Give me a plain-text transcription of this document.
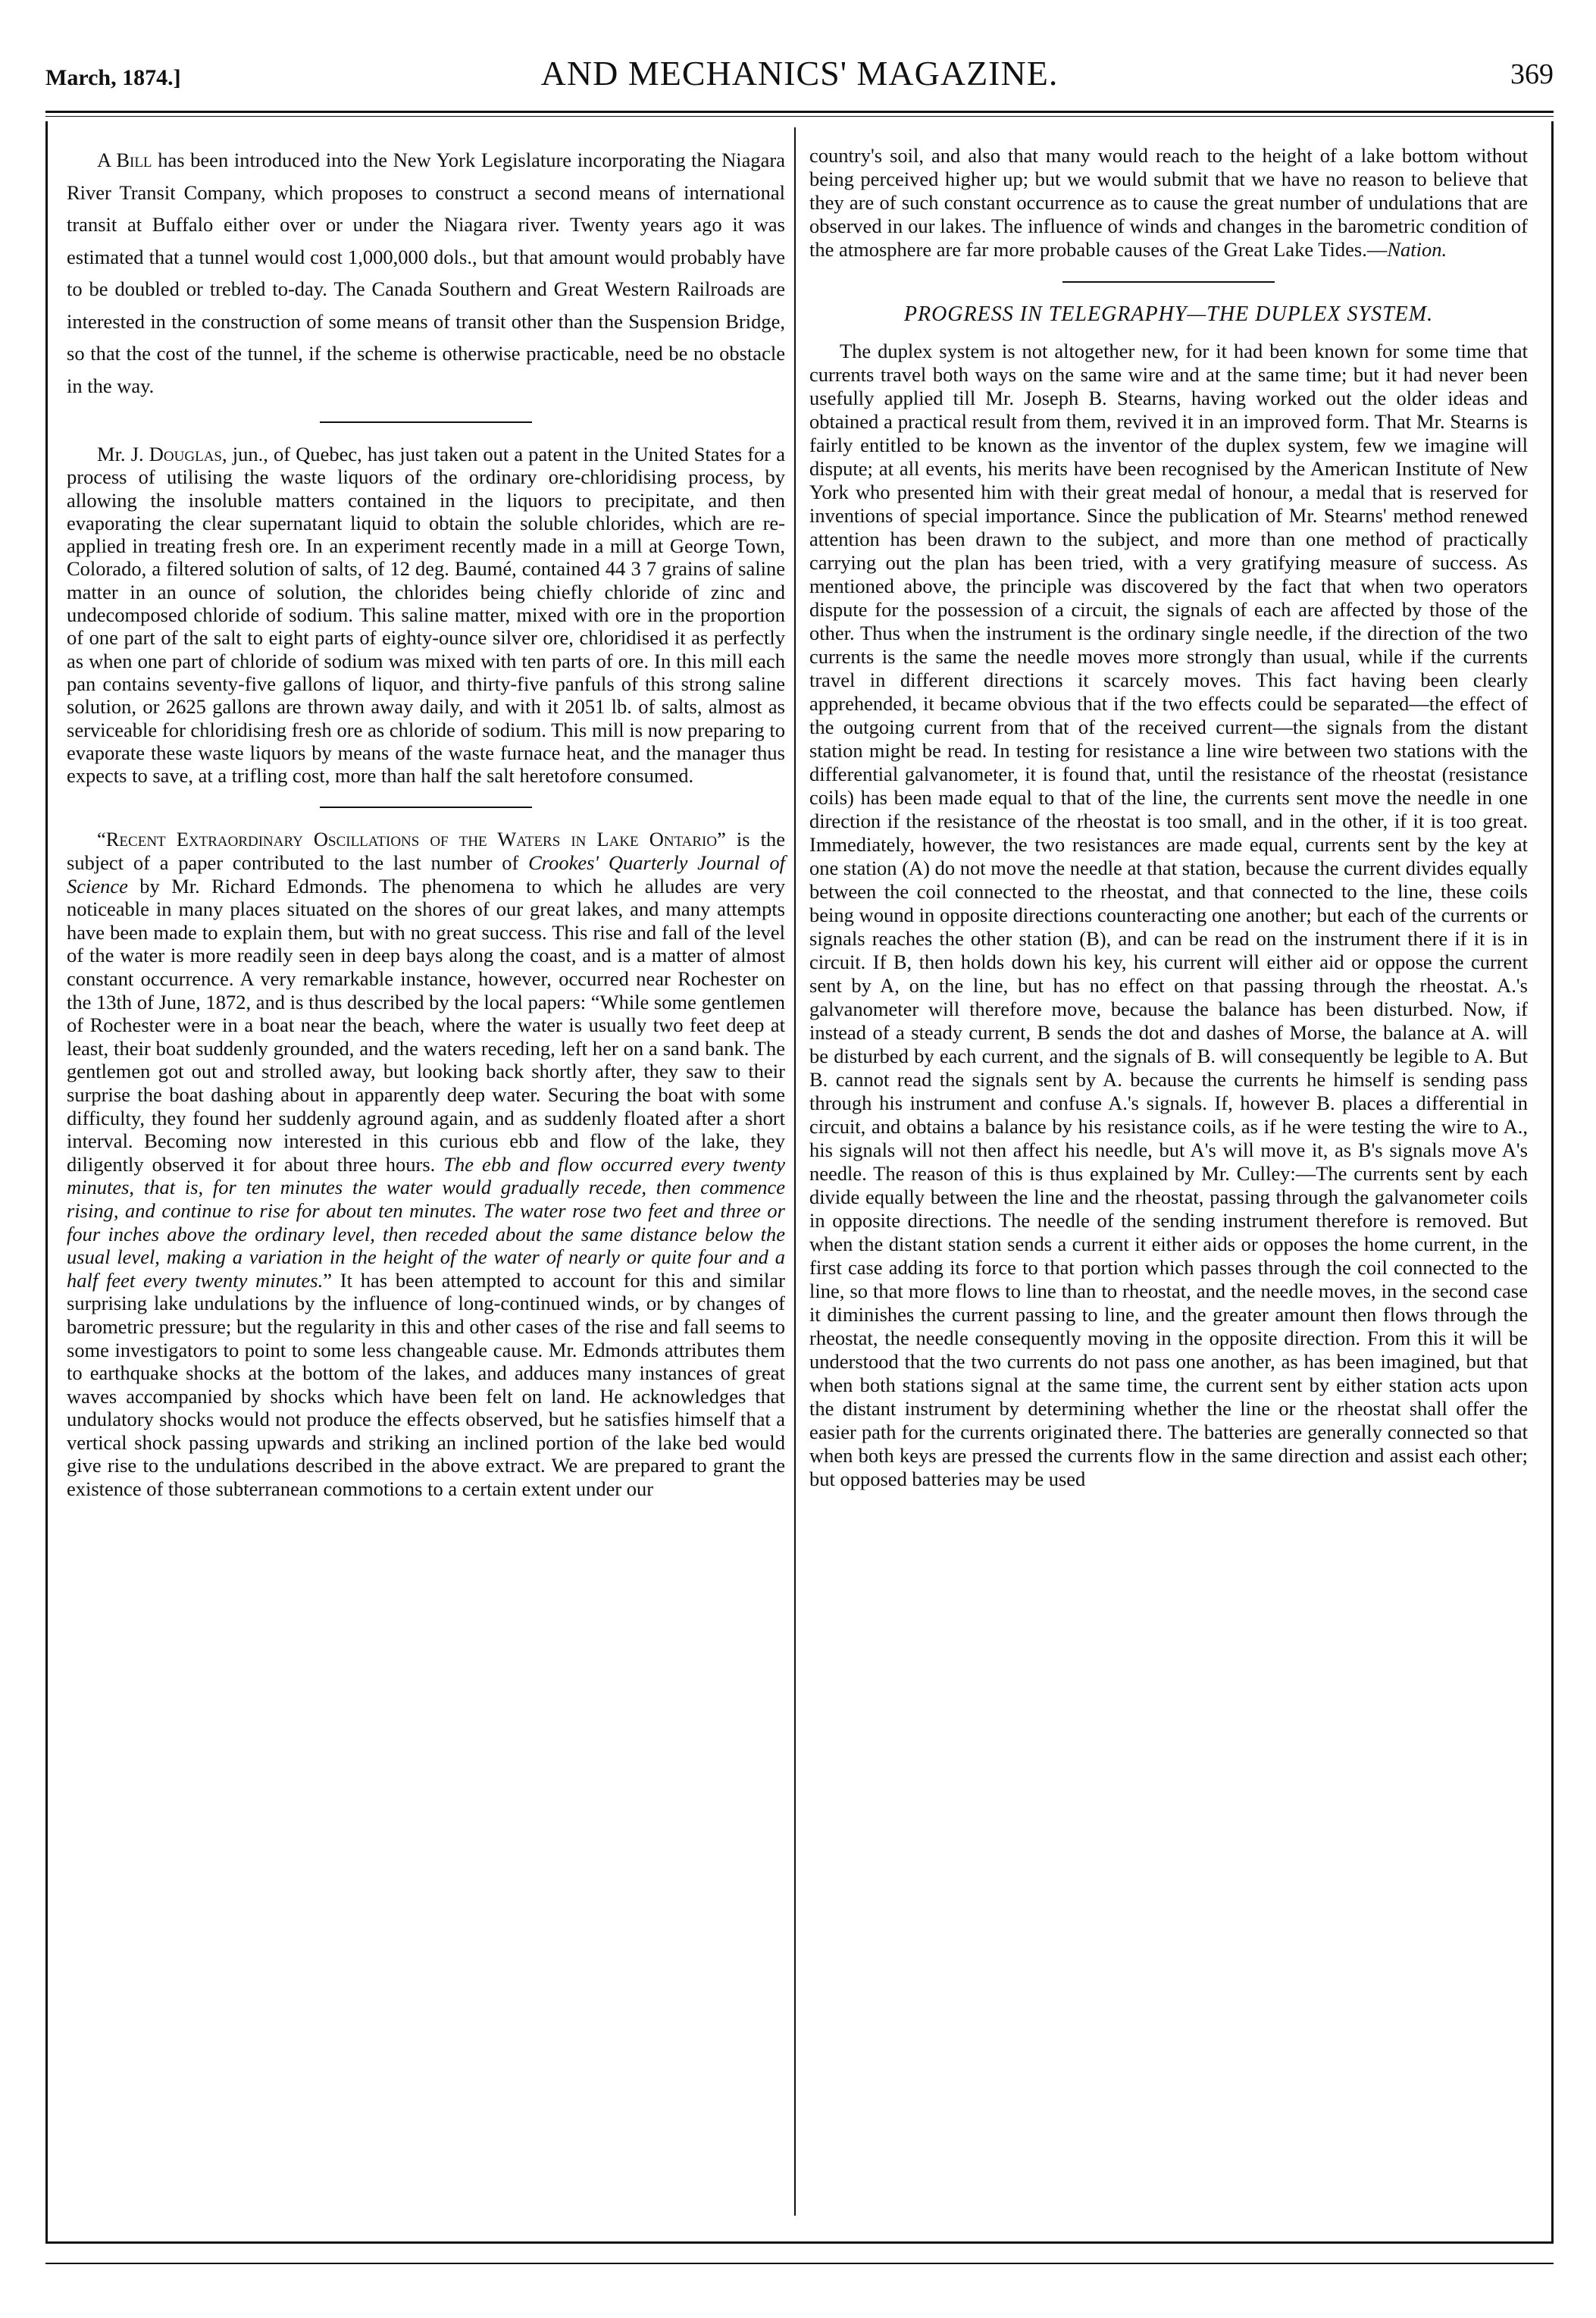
March, 1874.]	AND MECHANICS' MAGAZINE.	369

A Bill has been introduced into the New York Legislature incorporating the Niagara River Transit Company, which proposes to construct a second means of international transit at Buffalo either over or under the Niagara river. Twenty years ago it was estimated that a tunnel would cost 1,000,000 dols., but that amount would probably have to be doubled or trebled to-day. The Canada Southern and Great Western Railroads are interested in the construction of some means of transit other than the Suspension Bridge, so that the cost of the tunnel, if the scheme is otherwise practicable, need be no obstacle in the way.

Mr. J. Douglas, jun., of Quebec, has just taken out a patent in the United States for a process of utilising the waste liquors of the ordinary ore-chloridising process, by allowing the insoluble matters contained in the liquors to precipitate, and then evaporating the clear supernatant liquid to obtain the soluble chlorides, which are re-applied in treating fresh ore. In an experiment recently made in a mill at George Town, Colorado, a filtered solution of salts, of 12 deg. Baumé, contained 44 3 7 grains of saline matter in an ounce of solution, the chlorides being chiefly chloride of zinc and undecomposed chloride of sodium. This saline matter, mixed with ore in the proportion of one part of the salt to eight parts of eighty-ounce silver ore, chloridised it as perfectly as when one part of chloride of sodium was mixed with ten parts of ore. In this mill each pan contains seventy-five gallons of liquor, and thirty-five panfuls of this strong saline solution, or 2625 gallons are thrown away daily, and with it 2051 lb. of salts, almost as serviceable for chloridising fresh ore as chloride of sodium. This mill is now preparing to evaporate these waste liquors by means of the waste furnace heat, and the manager thus expects to save, at a trifling cost, more than half the salt heretofore consumed.

“Recent Extraordinary Oscillations of the Waters in Lake Ontario” is the subject of a paper contributed to the last number of Crookes' Quarterly Journal of Science by Mr. Richard Edmonds. The phenomena to which he alludes are very noticeable in many places situated on the shores of our great lakes, and many attempts have been made to explain them, but with no great success. This rise and fall of the level of the water is more readily seen in deep bays along the coast, and is a matter of almost constant occurrence. A very remarkable instance, however, occurred near Rochester on the 13th of June, 1872, and is thus described by the local papers: “While some gentlemen of Rochester were in a boat near the beach, where the water is usually two feet deep at least, their boat suddenly grounded, and the waters receding, left her on a sand bank. The gentlemen got out and strolled away, but looking back shortly after, they saw to their surprise the boat dashing about in apparently deep water. Securing the boat with some difficulty, they found her suddenly aground again, and as suddenly floated after a short interval. Becoming now interested in this curious ebb and flow of the lake, they diligently observed it for about three hours. The ebb and flow occurred every twenty minutes, that is, for ten minutes the water would gradually recede, then commence rising, and continue to rise for about ten minutes. The water rose two feet and three or four inches above the ordinary level, then receded about the same distance below the usual level, making a variation in the height of the water of nearly or quite four and a half feet every twenty minutes.” It has been attempted to account for this and similar surprising lake undulations by the influence of long-continued winds, or by changes of barometric pressure; but the regularity in this and other cases of the rise and fall seems to some investigators to point to some less changeable cause. Mr. Edmonds attributes them to earthquake shocks at the bottom of the lakes, and adduces many instances of great waves accompanied by shocks which have been felt on land. He acknowledges that undulatory shocks would not produce the effects observed, but he satisfies himself that a vertical shock passing upwards and striking an inclined portion of the lake bed would give rise to the undulations described in the above extract. We are prepared to grant the existence of those subterranean commotions to a certain extent under our

country's soil, and also that many would reach to the height of a lake bottom without being perceived higher up; but we would submit that we have no reason to believe that they are of such constant occurrence as to cause the great number of undulations that are observed in our lakes. The influence of winds and changes in the barometric condition of the atmosphere are far more probable causes of the Great Lake Tides.—Nation.

PROGRESS IN TELEGRAPHY—THE DUPLEX SYSTEM.

The duplex system is not altogether new, for it had been known for some time that currents travel both ways on the same wire and at the same time; but it had never been usefully applied till Mr. Joseph B. Stearns, having worked out the older ideas and obtained a practical result from them, revived it in an improved form. That Mr. Stearns is fairly entitled to be known as the inventor of the duplex system, few we imagine will dispute; at all events, his merits have been recognised by the American Institute of New York who presented him with their great medal of honour, a medal that is reserved for inventions of special importance. Since the publication of Mr. Stearns' method renewed attention has been drawn to the subject, and more than one method of practically carrying out the plan has been tried, with a very gratifying measure of success. As mentioned above, the principle was discovered by the fact that when two operators dispute for the possession of a circuit, the signals of each are affected by those of the other. Thus when the instrument is the ordinary single needle, if the direction of the two currents is the same the needle moves more strongly than usual, while if the currents travel in different directions it scarcely moves. This fact having been clearly apprehended, it became obvious that if the two effects could be separated—the effect of the outgoing current from that of the received current—the signals from the distant station might be read. In testing for resistance a line wire between two stations with the differential galvanometer, it is found that, until the resistance of the rheostat (resistance coils) has been made equal to that of the line, the currents sent move the needle in one direction if the resistance of the rheostat is too small, and in the other, if it is too great. Immediately, however, the two resistances are made equal, currents sent by the key at one station (A) do not move the needle at that station, because the current divides equally between the coil connected to the rheostat, and that connected to the line, these coils being wound in opposite directions counteracting one another; but each of the currents or signals reaches the other station (B), and can be read on the instrument there if it is in circuit. If B, then holds down his key, his current will either aid or oppose the current sent by A, on the line, but has no effect on that passing through the rheostat. A.'s galvanometer will therefore move, because the balance has been disturbed. Now, if instead of a steady current, B sends the dot and dashes of Morse, the balance at A. will be disturbed by each current, and the signals of B. will consequently be legible to A. But B. cannot read the signals sent by A. because the currents he himself is sending pass through his instrument and confuse A.'s signals. If, however B. places a differential in circuit, and obtains a balance by his resistance coils, as if he were testing the wire to A., his signals will not then affect his needle, but A's will move it, as B's signals move A's needle. The reason of this is thus explained by Mr. Culley:—The currents sent by each divide equally between the line and the rheostat, passing through the galvanometer coils in opposite directions. The needle of the sending instrument therefore is removed. But when the distant station sends a current it either aids or opposes the home current, in the first case adding its force to that portion which passes through the coil connected to the line, so that more flows to line than to rheostat, and the needle moves, in the second case it diminishes the current passing to line, and the greater amount then flows through the rheostat, the needle consequently moving in the opposite direction. From this it will be understood that the two currents do not pass one another, as has been imagined, but that when both stations signal at the same time, the current sent by either station acts upon the distant instrument by determining whether the line or the rheostat shall offer the easier path for the currents originated there. The batteries are generally connected so that when both keys are pressed the currents flow in the same direction and assist each other; but opposed batteries may be used
